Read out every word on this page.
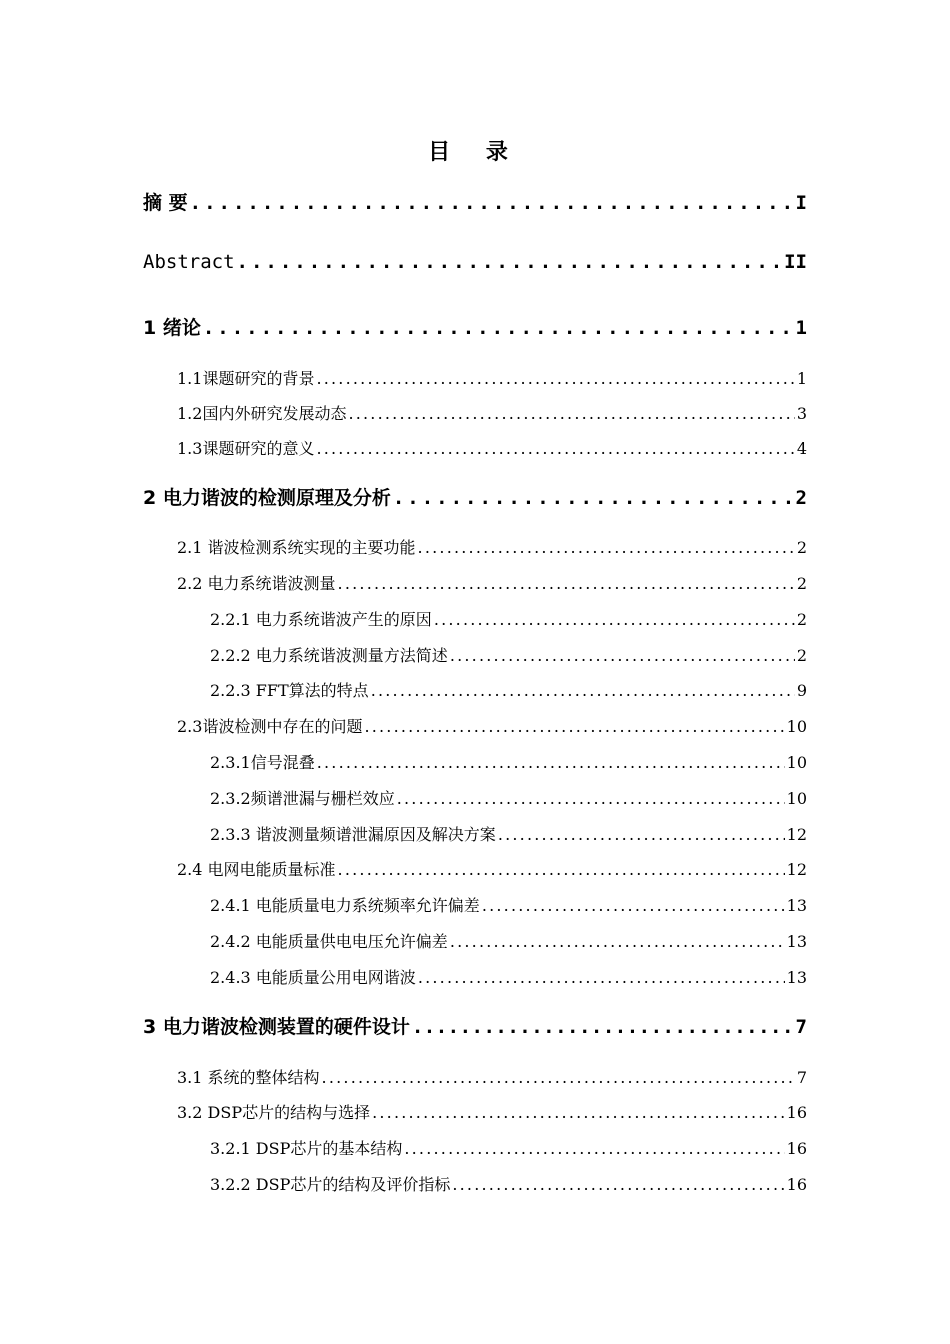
目 录
摘 要 .....	I
Abstract .....	II
1 绪论 .....	1
1.1课题研究的背景 .....	1
1.2国内外研究发展动态 .....	3
1.3课题研究的意义 .....	4
2 电力谐波的检测原理及分析 .....	2
2.1 谐波检测系统实现的主要功能 .....	2
2.2 电力系统谐波测量 .....	2
2.2.1 电力系统谐波产生的原因 .....	2
2.2.2 电力系统谐波测量方法简述 .....	2
2.2.3 FFT算法的特点 .....	9
2.3谐波检测中存在的问题 .....	10
2.3.1信号混叠 .....	10
2.3.2频谱泄漏与栅栏效应 .....	10
2.3.3 谐波测量频谱泄漏原因及解决方案 .....	12
2.4 电网电能质量标准 .....	12
2.4.1 电能质量电力系统频率允许偏差 .....	13
2.4.2 电能质量供电电压允许偏差 .....	13
2.4.3 电能质量公用电网谐波 .....	13
3 电力谐波检测装置的硬件设计 .....	7
3.1 系统的整体结构 .....	7
3.2 DSP芯片的结构与选择 .....	16
3.2.1 DSP芯片的基本结构 .....	16
3.2.2 DSP芯片的结构及评价指标 .....	16
